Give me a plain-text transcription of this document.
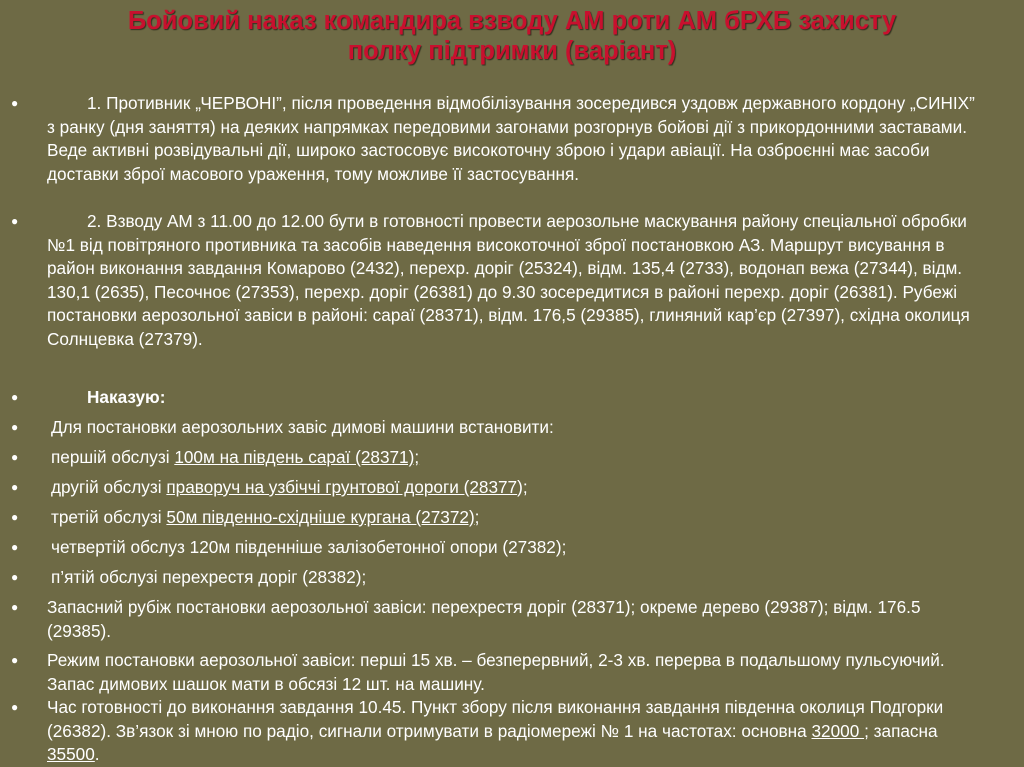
Бойовий наказ командира взводу АМ роти АМ бРХБ захисту
полку підтримки (варіант)
●	1. Противник „ЧЕРВОНІ”, після проведення відмобілізування зосередився уздовж державного кордону „СИНІХ” з ранку (дня заняття) на деяких напрямках передовими загонами розгорнув бойові дії з прикордонними заставами. Веде активні розвідувальні дії, широко застосовує високоточну зброю і удари авіації. На озброєнні має засоби доставки зброї масового ураження, тому можливе її застосування.
●	2. Взводу АМ з 11.00 до 12.00 бути в готовності провести аерозольне маскування району спеціальної обробки №1 від повітряного противника та засобів наведення високоточної зброї постановкою АЗ. Маршрут висування в район виконання завдання Комарово (2432), перехр. доріг (25324), відм. 135,4 (2733), водонап вежа (27344), відм. 130,1 (2635), Песочноє (27353), перехр. доріг (26381) до 9.30 зосередитися в районі перехр. доріг (26381). Рубежі постановки аерозольної завіси в районі: сараї (28371), відм. 176,5 (29385), глиняний кар’єр (27397), східна околиця Солнцевка (27379).
●	Наказую:
● Для постановки аерозольних завіс димові машини встановити:
● першій обслузі 100м на південь сараї (28371);
● другій обслузі праворуч на узбіччі грунтової дороги (28377);
● третій обслузі 50м південно-східніше кургана (27372);
● четвертій обслуз 120м південніше залізобетонної опори (27382);
● п’ятій обслузі перехрестя доріг (28382);
● Запасний рубіж постановки аерозольної завіси: перехрестя доріг (28371); окреме дерево (29387); відм. 176.5 (29385).
● Режим постановки аерозольної завіси: перші 15 хв. – безперервний, 2-3 хв. перерва в подальшому пульсуючий. Запас димових шашок мати в обсязі 12 шт. на машину.
● Час готовності до виконання завдання 10.45. Пункт збору після виконання завдання південна околиця Подгорки (26382). Зв’язок зі мною по радіо, сигнали отримувати в радіомережі № 1 на частотах: основна 32000 ; запасна 35500.
